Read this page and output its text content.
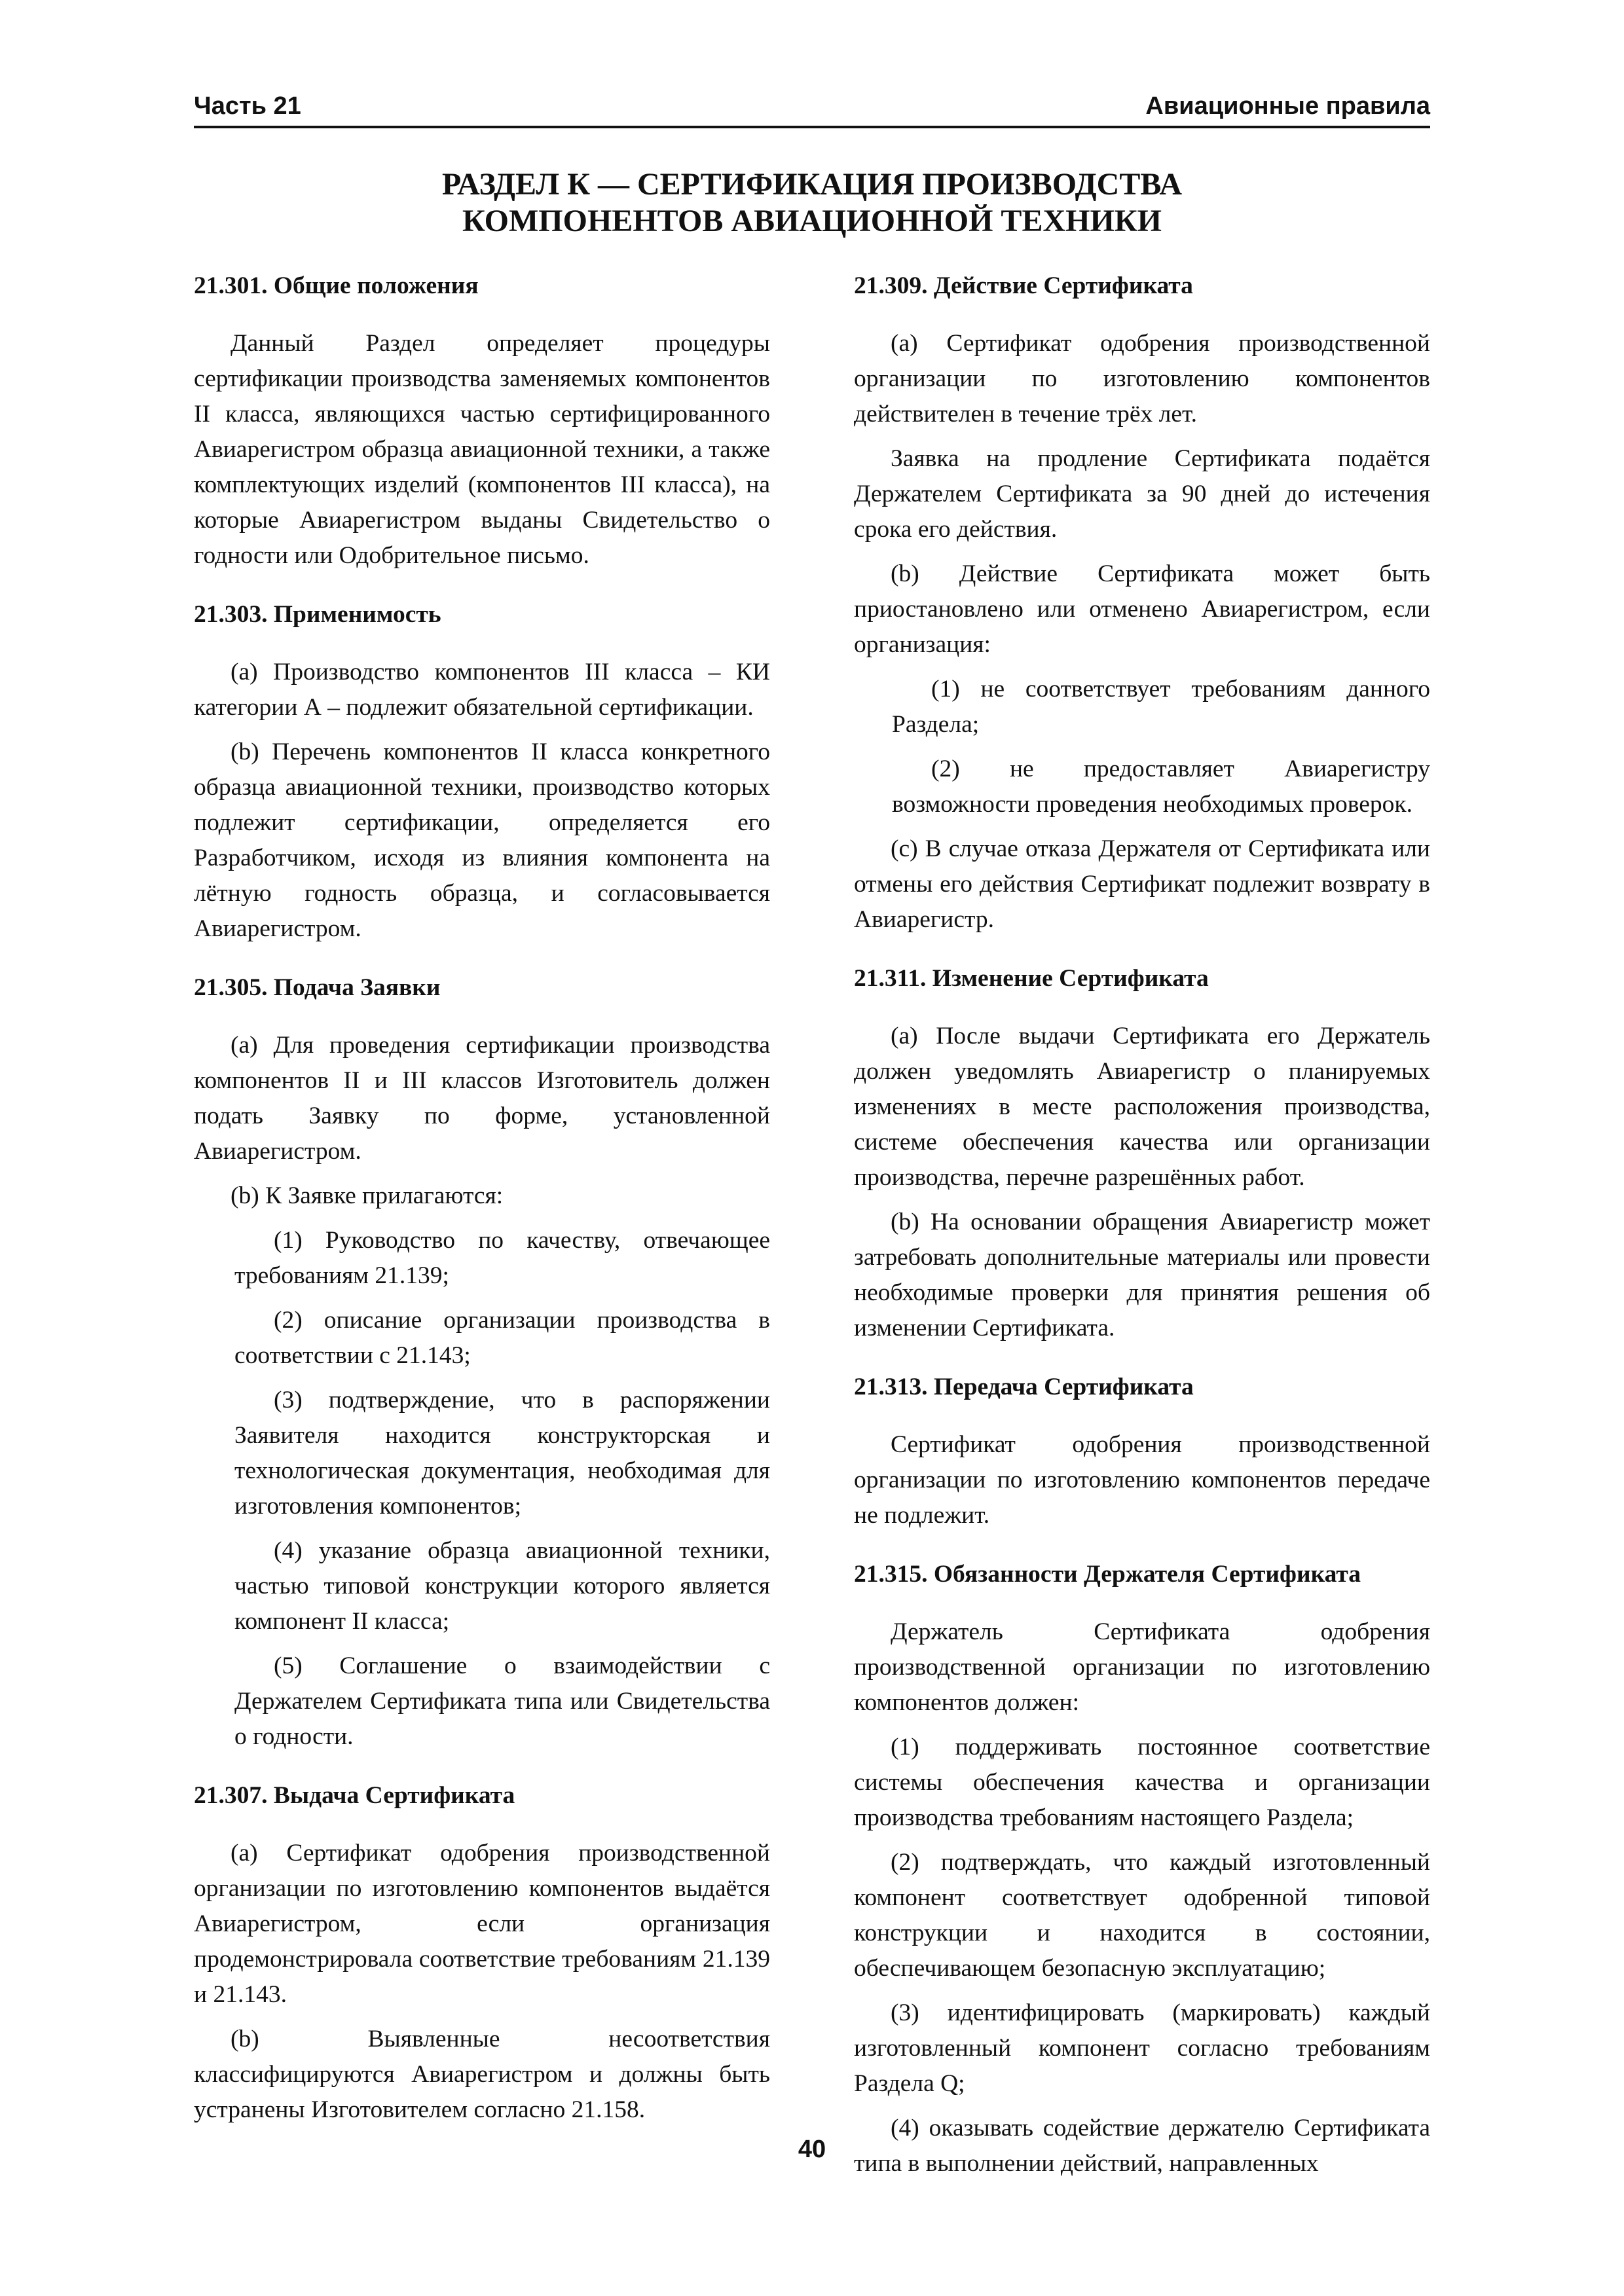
Часть 21	Авиационные правила
РАЗДЕЛ К — СЕРТИФИКАЦИЯ ПРОИЗВОДСТВА
КОМПОНЕНТОВ АВИАЦИОННОЙ ТЕХНИКИ
21.301. Общие положения
Данный Раздел определяет процедуры сертификации производства заменяемых компонентов II класса, являющихся частью сертифицированного Авиарегистром образца авиационной техники, а также комплектующих изделий (компонентов III класса), на которые Авиарегистром выданы Свидетельство о годности или Одобрительное письмо.
21.303. Применимость
(a) Производство компонентов III класса – КИ категории А – подлежит обязательной сертификации.
(b) Перечень компонентов II класса конкретного образца авиационной техники, производство которых подлежит сертификации, определяется его Разработчиком, исходя из влияния компонента на лётную годность образца, и согласовывается Авиарегистром.
21.305. Подача Заявки
(a) Для проведения сертификации производства компонентов II и III классов Изготовитель должен подать Заявку по форме, установленной Авиарегистром.
(b) К Заявке прилагаются:
(1) Руководство по качеству, отвечающее требованиям 21.139;
(2) описание организации производства в соответствии с 21.143;
(3) подтверждение, что в распоряжении Заявителя находится конструкторская и технологическая документация, необходимая для изготовления компонентов;
(4) указание образца авиационной техники, частью типовой конструкции которого является компонент II класса;
(5) Соглашение о взаимодействии с Держателем Сертификата типа или Свидетельства о годности.
21.307. Выдача Сертификата
(a) Сертификат одобрения производственной организации по изготовлению компонентов выдаётся Авиарегистром, если организация продемонстрировала соответствие требованиям 21.139 и 21.143.
(b) Выявленные несоответствия классифицируются Авиарегистром и должны быть устранены Изготовителем согласно 21.158.
21.309. Действие Сертификата
(a) Сертификат одобрения производственной организации по изготовлению компонентов действителен в течение трёх лет.
Заявка на продление Сертификата подаётся Держателем Сертификата за 90 дней до истечения срока его действия.
(b) Действие Сертификата может быть приостановлено или отменено Авиарегистром, если организация:
(1) не соответствует требованиям данного Раздела;
(2) не предоставляет Авиарегистру возможности проведения необходимых проверок.
(c) В случае отказа Держателя от Сертификата или отмены его действия Сертификат подлежит возврату в Авиарегистр.
21.311. Изменение Сертификата
(a) После выдачи Сертификата его Держатель должен уведомлять Авиарегистр о планируемых изменениях в месте расположения производства, системе обеспечения качества или организации производства, перечне разрешённых работ.
(b) На основании обращения Авиарегистр может затребовать дополнительные материалы или провести необходимые проверки для принятия решения об изменении Сертификата.
21.313. Передача Сертификата
Сертификат одобрения производственной организации по изготовлению компонентов передаче не подлежит.
21.315. Обязанности Держателя Сертификата
Держатель Сертификата одобрения производственной организации по изготовлению компонентов должен:
(1) поддерживать постоянное соответствие системы обеспечения качества и организации производства требованиям настоящего Раздела;
(2) подтверждать, что каждый изготовленный компонент соответствует одобренной типовой конструкции и находится в состоянии, обеспечивающем безопасную эксплуатацию;
(3) идентифицировать (маркировать) каждый изготовленный компонент согласно требованиям Раздела Q;
(4) оказывать содействие держателю Сертификата типа в выполнении действий, направленных
40
